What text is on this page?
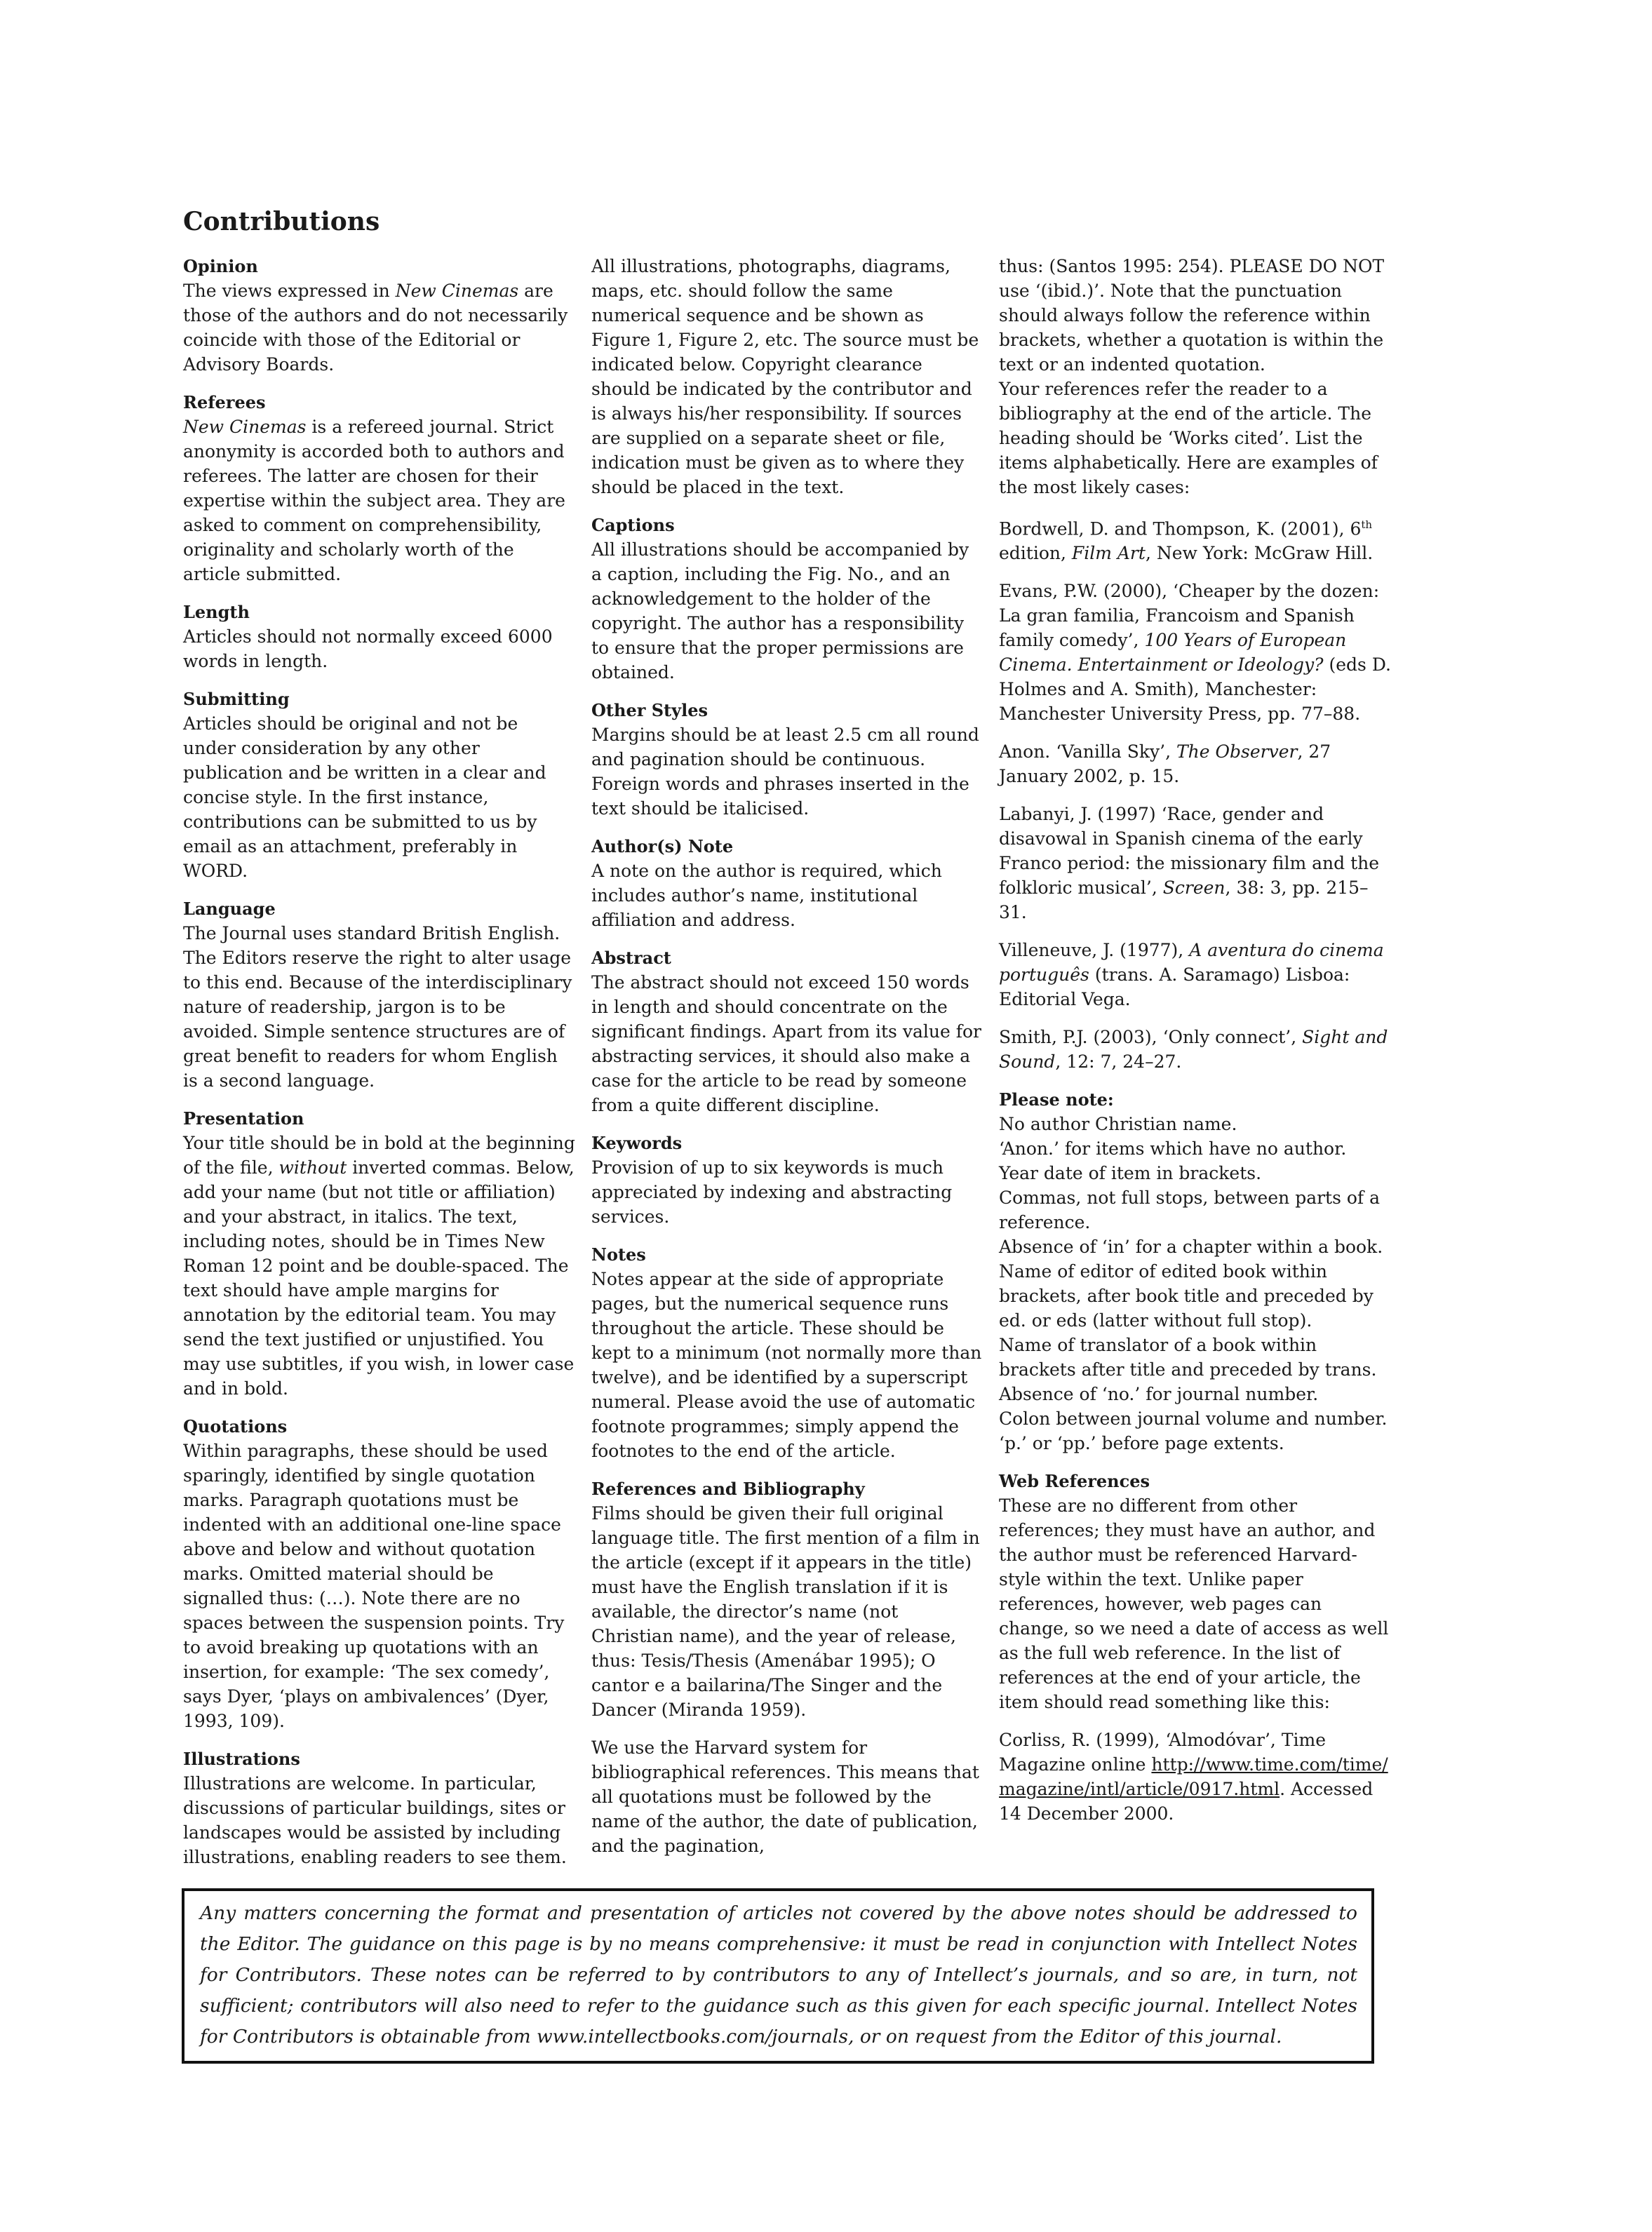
Contributions
Opinion

The views expressed in New Cinemas are those of the authors and do not necessarily coincide with those of the Editorial or Advisory Boards.

Referees

New Cinemas is a refereed journal. Strict anonymity is accorded both to authors and referees. The latter are chosen for their expertise within the subject area. They are asked to comment on comprehensibility, originality and scholarly worth of the article submitted.

Length

Articles should not normally exceed 6000 words in length.

Submitting

Articles should be original and not be under consideration by any other publication and be written in a clear and concise style. In the first instance, contributions can be submitted to us by email as an attachment, preferably in WORD.

Language

The Journal uses standard British English. The Editors reserve the right to alter usage to this end. Because of the interdisciplinary nature of readership, jargon is to be avoided. Simple sentence structures are of great benefit to readers for whom English is a second language.

Presentation

Your title should be in bold at the beginning of the file, without inverted commas. Below, add your name (but not title or affiliation) and your abstract, in italics. The text, including notes, should be in Times New Roman 12 point and be double-spaced. The text should have ample margins for annotation by the editorial team. You may send the text justified or unjustified. You may use subtitles, if you wish, in lower case and in bold.

Quotations

Within paragraphs, these should be used sparingly, identified by single quotation marks. Paragraph quotations must be indented with an additional one-line space above and below and without quotation marks. Omitted material should be signalled thus: (…). Note there are no spaces between the suspension points. Try to avoid breaking up quotations with an insertion, for example: ‘The sex comedy’, says Dyer, ‘plays on ambivalences’ (Dyer, 1993, 109).

Illustrations

Illustrations are welcome. In particular, discussions of particular buildings, sites or landscapes would be assisted by including illustrations, enabling readers to see them.

All illustrations, photographs, diagrams, maps, etc. should follow the same numerical sequence and be shown as Figure 1, Figure 2, etc. The source must be indicated below. Copyright clearance should be indicated by the contributor and is always his/her responsibility. If sources are supplied on a separate sheet or file, indication must be given as to where they should be placed in the text.

Captions

All illustrations should be accompanied by a caption, including the Fig. No., and an acknowledgement to the holder of the copyright. The author has a responsibility to ensure that the proper permissions are obtained.

Other Styles

Margins should be at least 2.5 cm all round and pagination should be continuous. Foreign words and phrases inserted in the text should be italicised.

Author(s) Note

A note on the author is required, which includes author’s name, institutional affiliation and address.

Abstract

The abstract should not exceed 150 words in length and should concentrate on the significant findings. Apart from its value for abstracting services, it should also make a case for the article to be read by someone from a quite different discipline.

Keywords

Provision of up to six keywords is much appreciated by indexing and abstracting services.

Notes

Notes appear at the side of appropriate pages, but the numerical sequence runs throughout the article. These should be kept to a minimum (not normally more than twelve), and be identified by a superscript numeral. Please avoid the use of automatic footnote programmes; simply append the footnotes to the end of the article.

References and Bibliography

Films should be given their full original language title. The first mention of a film in the article (except if it appears in the title) must have the English translation if it is available, the director’s name (not Christian name), and the year of release, thus: Tesis/Thesis (Amenábar 1995); O cantor e a bailarina/The Singer and the Dancer (Miranda 1959).

We use the Harvard system for bibliographical references. This means that all quotations must be followed by the name of the author, the date of publication, and the pagination,

thus: (Santos 1995: 254). PLEASE DO NOT use ‘(ibid.)’. Note that the punctuation should always follow the reference within brackets, whether a quotation is within the text or an indented quotation.

Your references refer the reader to a bibliography at the end of the article. The heading should be ‘Works cited’. List the items alphabetically. Here are examples of the most likely cases:

Bordwell, D. and Thompson, K. (2001), 6th edition, Film Art, New York: McGraw Hill.

Evans, P.W. (2000), ‘Cheaper by the dozen: La gran familia, Francoism and Spanish family comedy’, 100 Years of European Cinema. Entertainment or Ideology? (eds D. Holmes and A. Smith), Manchester: Manchester University Press, pp. 77–88.

Anon. ‘Vanilla Sky’, The Observer, 27 January 2002, p. 15.

Labanyi, J. (1997) ‘Race, gender and disavowal in Spanish cinema of the early Franco period: the missionary film and the folkloric musical’, Screen, 38: 3, pp. 215–31.

Villeneuve, J. (1977), A aventura do cinema português (trans. A. Saramago) Lisboa: Editorial Vega.

Smith, P.J. (2003), ‘Only connect’, Sight and Sound, 12: 7, 24–27.

Please note:
No author Christian name.
‘Anon.’ for items which have no author.
Year date of item in brackets.
Commas, not full stops, between parts of a reference.
Absence of ‘in’ for a chapter within a book.
Name of editor of edited book within brackets, after book title and preceded by ed. or eds (latter without full stop).
Name of translator of a book within brackets after title and preceded by trans.
Absence of ‘no.’ for journal number.
Colon between journal volume and number.
‘p.’ or ‘pp.’ before page extents.
Web References

These are no different from other references; they must have an author, and the author must be referenced Harvard-style within the text. Unlike paper references, however, web pages can change, so we need a date of access as well as the full web reference. In the list of references at the end of your article, the item should read something like this:

Corliss, R. (1999), ‘Almodóvar’, Time Magazine online http://www.time.com/time/magazine/intl/article/0917.html. Accessed 14 December 2000.

Any matters concerning the format and presentation of articles not covered by the above notes should be addressed to the Editor. The guidance on this page is by no means comprehensive: it must be read in conjunction with Intellect Notes for Contributors. These notes can be referred to by contributors to any of Intellect’s journals, and so are, in turn, not sufficient; contributors will also need to refer to the guidance such as this given for each specific journal. Intellect Notes for Contributors is obtainable from www.intellectbooks.com/journals, or on request from the Editor of this journal.
